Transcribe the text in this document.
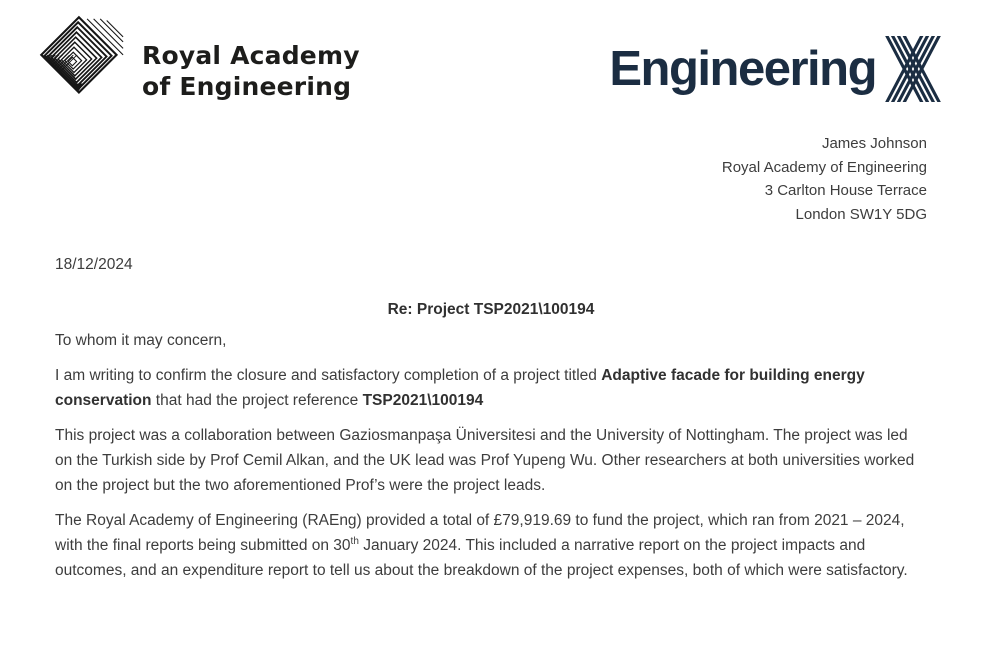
Royal Academy
of Engineering	Engineering
James Johnson
Royal Academy of Engineering
3 Carlton House Terrace
London SW1Y 5DG
18/12/2024
Re: Project TSP2021\100194

To whom it may concern,

I am writing to confirm the closure and satisfactory completion of a project titled Adaptive facade for building energy conservation that had the project reference TSP2021\100194

This project was a collaboration between Gaziosmanpaşa Üniversitesi and the University of Nottingham. The project was led on the Turkish side by Prof Cemil Alkan, and the UK lead was Prof Yupeng Wu. Other researchers at both universities worked on the project but the two aforementioned Prof’s were the project leads.

The Royal Academy of Engineering (RAEng) provided a total of £79,919.69 to fund the project, which ran from 2021 – 2024, with the final reports being submitted on 30th January 2024. This included a narrative report on the project impacts and outcomes, and an expenditure report to tell us about the breakdown of the project expenses, both of which were satisfactory.
